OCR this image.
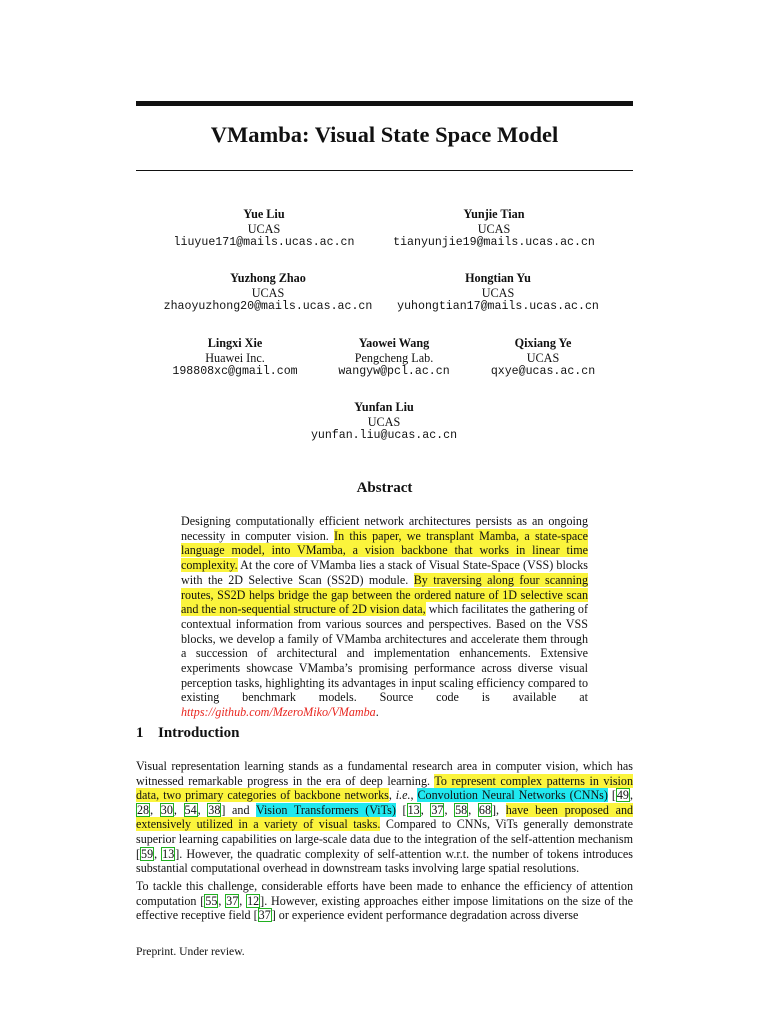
VMamba: Visual State Space Model
Yue Liu
UCAS
liuyue171@mails.ucas.ac.cn
Yunjie Tian
UCAS
tianyunjie19@mails.ucas.ac.cn
Yuzhong Zhao
UCAS
zhaoyuzhong20@mails.ucas.ac.cn
Hongtian Yu
UCAS
yuhongtian17@mails.ucas.ac.cn
Lingxi Xie
Huawei Inc.
198808xc@gmail.com
Yaowei Wang
Pengcheng Lab.
wangyw@pcl.ac.cn
Qixiang Ye
UCAS
qxye@ucas.ac.cn
Yunfan Liu
UCAS
yunfan.liu@ucas.ac.cn
Abstract
Designing computationally efficient network architectures persists as an ongoing necessity in computer vision. In this paper, we transplant Mamba, a state-space language model, into VMamba, a vision backbone that works in linear time complexity. At the core of VMamba lies a stack of Visual State-Space (VSS) blocks with the 2D Selective Scan (SS2D) module. By traversing along four scanning routes, SS2D helps bridge the gap between the ordered nature of 1D selective scan and the non-sequential structure of 2D vision data, which facilitates the gathering of contextual information from various sources and perspectives. Based on the VSS blocks, we develop a family of VMamba architectures and accelerate them through a succession of architectural and implementation enhancements. Extensive experiments showcase VMamba’s promising performance across diverse visual perception tasks, highlighting its advantages in input scaling efficiency compared to existing benchmark models. Source code is available at https://github.com/MzeroMiko/VMamba.
1 Introduction
Visual representation learning stands as a fundamental research area in computer vision, which has witnessed remarkable progress in the era of deep learning. To represent complex patterns in vision data, two primary categories of backbone networks, i.e., Convolution Neural Networks (CNNs) [49, 28, 30, 54, 38] and Vision Transformers (ViTs) [13, 37, 58, 68], have been proposed and extensively utilized in a variety of visual tasks. Compared to CNNs, ViTs generally demonstrate superior learning capabilities on large-scale data due to the integration of the self-attention mechanism [59, 13]. However, the quadratic complexity of self-attention w.r.t. the number of tokens introduces substantial computational overhead in downstream tasks involving large spatial resolutions.
To tackle this challenge, considerable efforts have been made to enhance the efficiency of attention computation [55, 37, 12]. However, existing approaches either impose limitations on the size of the effective receptive field [37] or experience evident performance degradation across diverse
Preprint. Under review.
